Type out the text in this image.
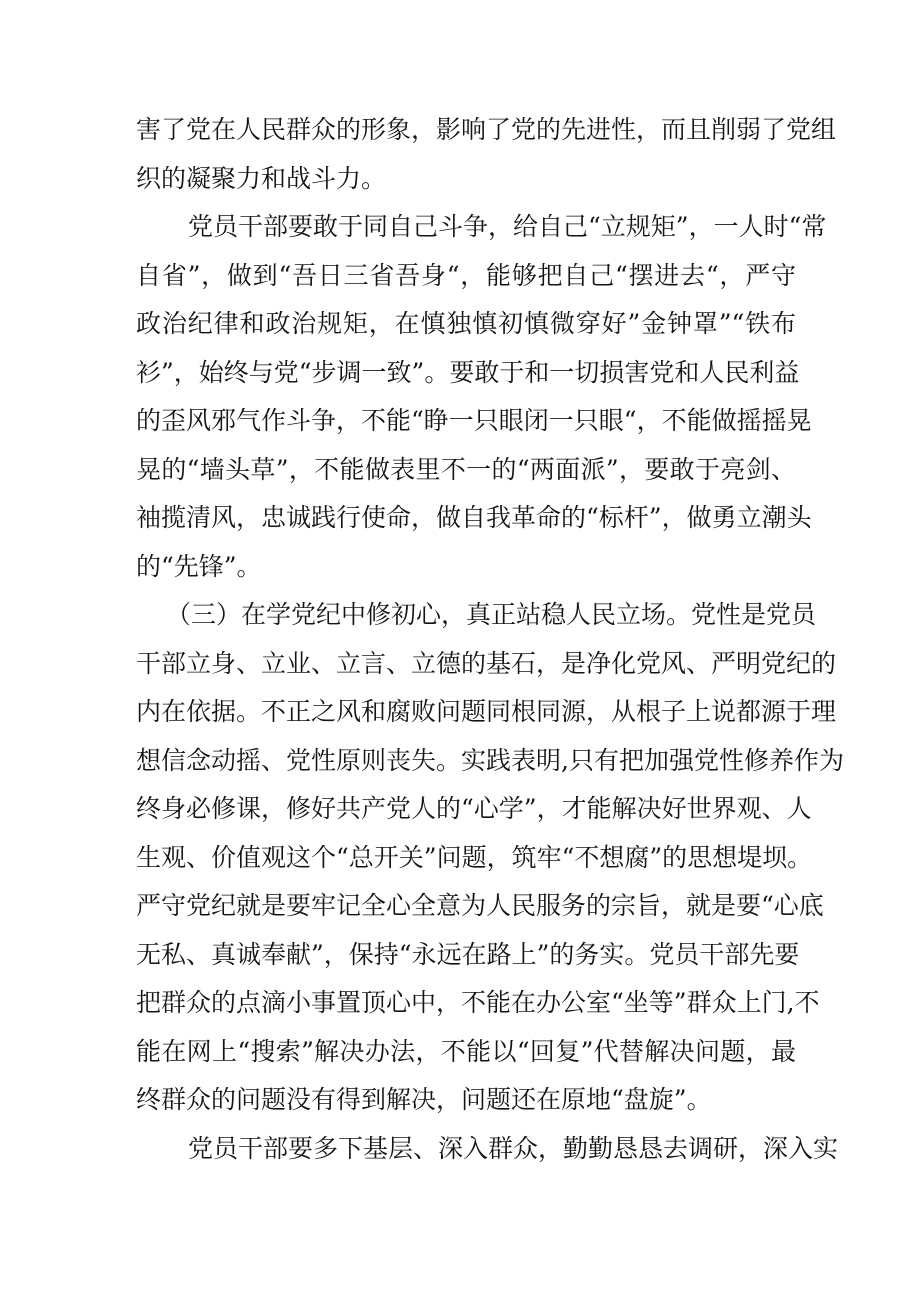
害了党在人民群众的形象，影响了党的先进性，而且削弱了党组
织的凝聚力和战斗力。
党员干部要敢于同自己斗争，给自己“立规矩”，一人时“常
自省”，做到“吾日三省吾身“，能够把自己“摆进去“，严守
政治纪律和政治规矩，在慎独慎初慎微穿好”金钟罩”“铁布
衫”，始终与党“步调一致”。要敢于和一切损害党和人民利益
的歪风邪气作斗争，不能“睁一只眼闭一只眼“，不能做摇摇晃
晃的“墙头草”，不能做表里不一的“两面派”，要敢于亮剑、
袖揽清风，忠诚践行使命，做自我革命的“标杆”，做勇立潮头
的“先锋”。
（三）在学党纪中修初心，真正站稳人民立场。党性是党员
干部立身、立业、立言、立德的基石，是净化党风、严明党纪的
内在依据。不正之风和腐败问题同根同源，从根子上说都源于理
想信念动摇、党性原则丧失。实践表明,只有把加强党性修养作为
终身必修课，修好共产党人的“心学”，才能解决好世界观、人
生观、价值观这个“总开关”问题，筑牢“不想腐”的思想堤坝。
严守党纪就是要牢记全心全意为人民服务的宗旨，就是要“心底
无私、真诚奉献”，保持“永远在路上”的务实。党员干部先要
把群众的点滴小事置顶心中，不能在办公室“坐等”群众上门,不
能在网上“搜索”解决办法，不能以“回复”代替解决问题，最
终群众的问题没有得到解决，问题还在原地“盘旋”。
党员干部要多下基层、深入群众，勤勤恳恳去调研，深入实
